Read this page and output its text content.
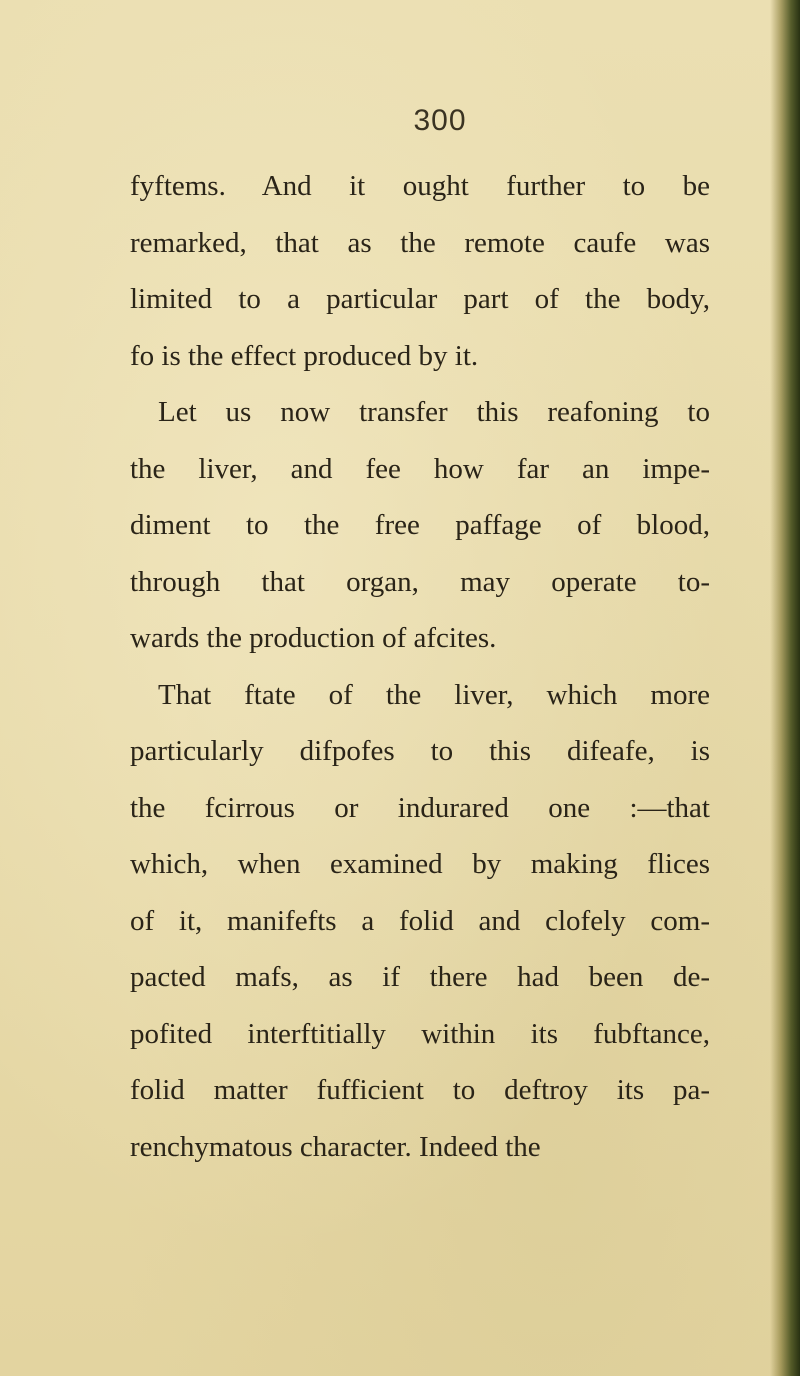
300
fyftems. And it ought further to be
remarked, that as the remote caufe was
limited to a particular part of the body,
fo is the effect produced by it.
Let us now transfer this reafoning to
the liver, and fee how far an impe-
diment to the free paffage of blood,
through that organ, may operate to-
wards the production of afcites.
That ftate of the liver, which more
particularly difpofes to this difeafe, is
the fcirrous or indurared one :—that
which, when examined by making flices
of it, manifefts a folid and clofely com-
pacted mafs, as if there had been de-
pofited interftitially within its fubftance,
folid matter fufficient to deftroy its pa-
renchymatous character. Indeed the
